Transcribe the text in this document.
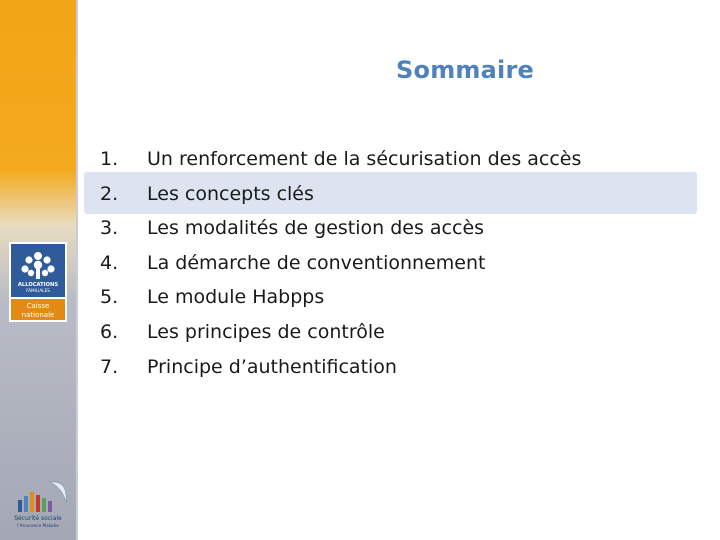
ALLOCATIONS
FAMILIALES
Caisse
nationale
Sécurité sociale
l'Assurance Maladie
Sommaire
1. Un renforcement de la sécurisation des accès
2. Les concepts clés
3. Les modalités de gestion des accès
4. La démarche de conventionnement
5. Le module Habpps
6. Les principes de contrôle
7. Principe d’authentification
